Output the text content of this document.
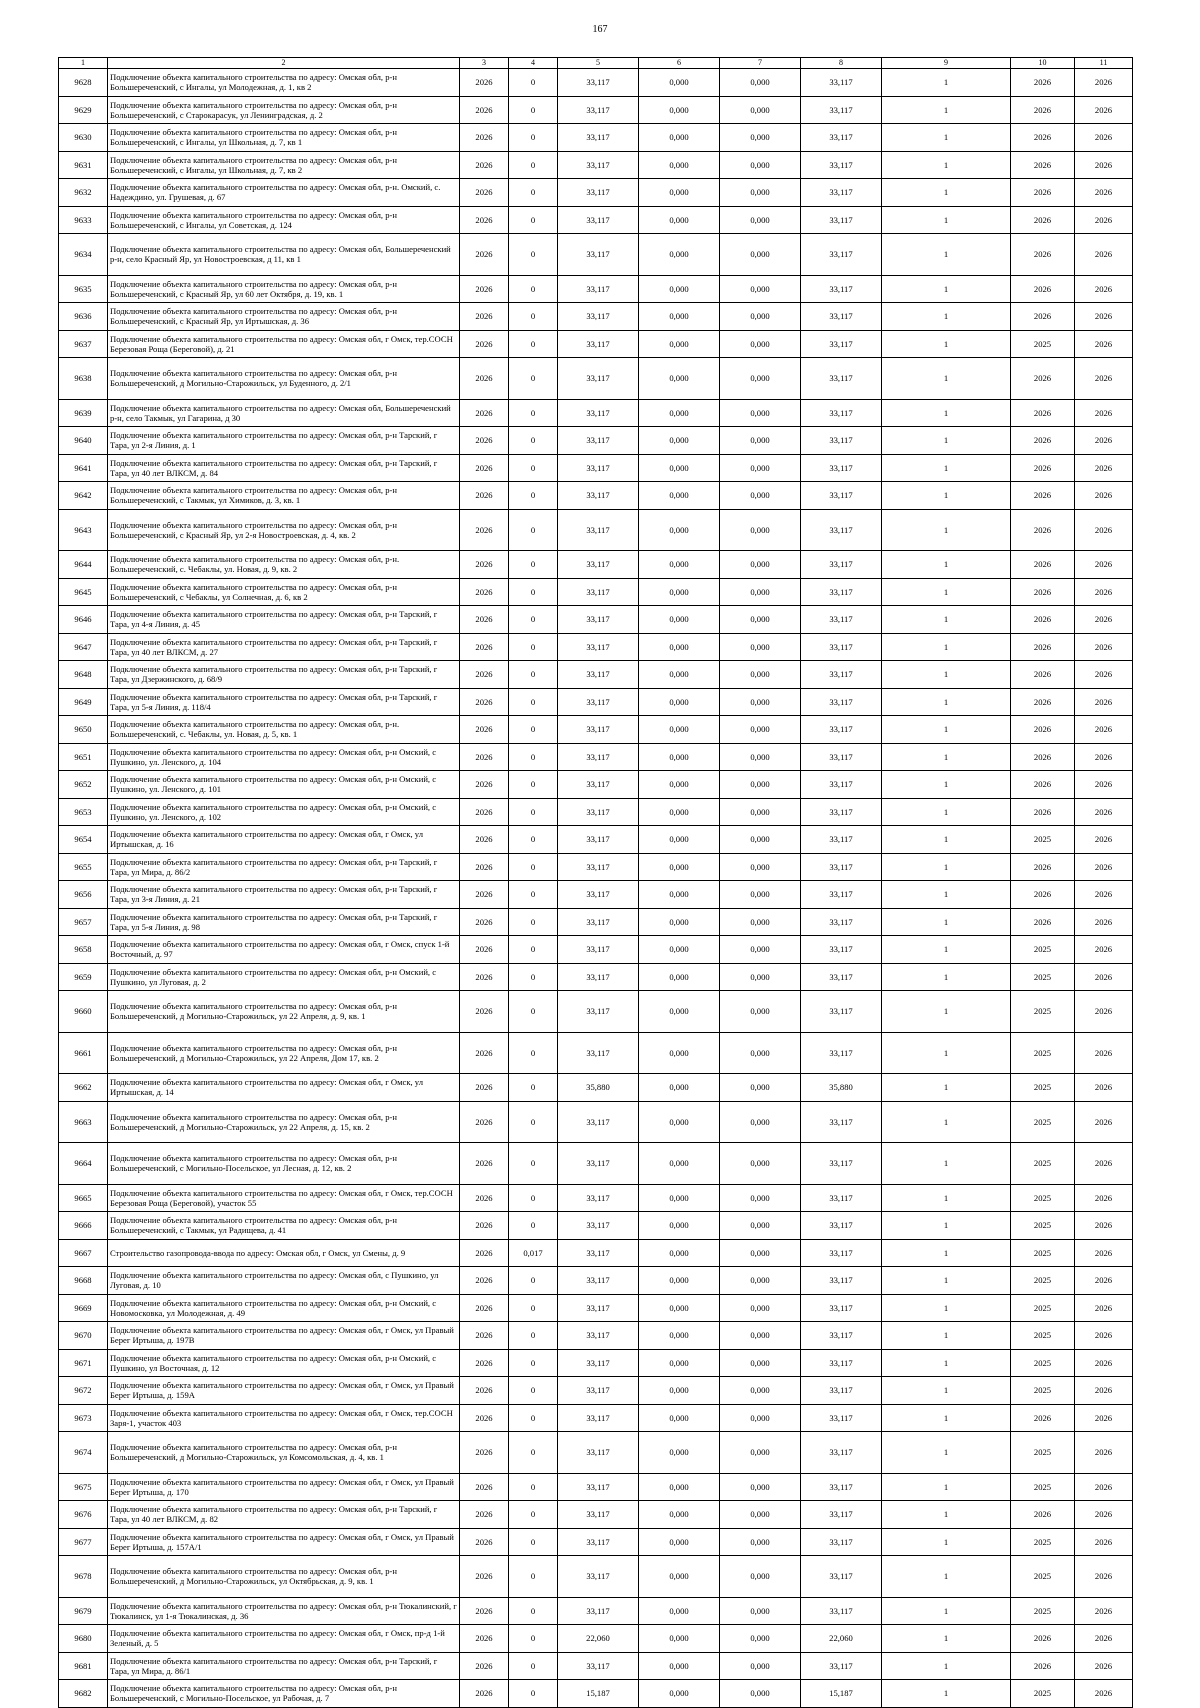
167
1	2	3	4	5	6	7	8	9	10	11
9628	Подключение объекта капитального строительства по адресу: Омская обл, р-н Большереченский, с Ингалы, ул Молодежная, д. 1, кв 2	2026	0	33,117	0,000	0,000	33,117	1	2026	2026
9629	Подключение объекта капитального строительства по адресу: Омская обл, р-н Большереченский, с Старокарасук, ул Ленинградская, д. 2	2026	0	33,117	0,000	0,000	33,117	1	2026	2026
9630	Подключение объекта капитального строительства по адресу: Омская обл, р-н Большереченский, с Ингалы, ул Школьная, д. 7, кв 1	2026	0	33,117	0,000	0,000	33,117	1	2026	2026
9631	Подключение объекта капитального строительства по адресу: Омская обл, р-н Большереченский, с Ингалы, ул Школьная, д. 7, кв 2	2026	0	33,117	0,000	0,000	33,117	1	2026	2026
9632	Подключение объекта капитального строительства по адресу: Омская обл, р-н. Омский, с. Надеждино, ул. Грушевая, д. 67	2026	0	33,117	0,000	0,000	33,117	1	2026	2026
9633	Подключение объекта капитального строительства по адресу: Омская обл, р-н Большереченский, с Ингалы, ул Советская, д. 124	2026	0	33,117	0,000	0,000	33,117	1	2026	2026
9634	Подключение объекта капитального строительства по адресу: Омская обл, Большереченский р-н, село Красный Яр, ул Новостроевская, д 11, кв 1	2026	0	33,117	0,000	0,000	33,117	1	2026	2026
9635	Подключение объекта капитального строительства по адресу: Омская обл, р-н Большереченский, с Красный Яр, ул 60 лет Октября, д. 19, кв. 1	2026	0	33,117	0,000	0,000	33,117	1	2026	2026
9636	Подключение объекта капитального строительства по адресу: Омская обл, р-н Большереченский, с Красный Яр, ул Иртышская, д. 36	2026	0	33,117	0,000	0,000	33,117	1	2026	2026
9637	Подключение объекта капитального строительства по адресу: Омская обл, г Омск, тер.СОСН Березовая Роща (Береговой), д. 21	2026	0	33,117	0,000	0,000	33,117	1	2025	2026
9638	Подключение объекта капитального строительства по адресу: Омская обл, р-н Большереченский, д Могильно-Старожильск, ул Буденного, д. 2/1	2026	0	33,117	0,000	0,000	33,117	1	2026	2026
9639	Подключение объекта капитального строительства по адресу: Омская обл, Большереченский р-н, село Такмык, ул Гагарина, д 30	2026	0	33,117	0,000	0,000	33,117	1	2026	2026
9640	Подключение объекта капитального строительства по адресу: Омская обл, р-н Тарский, г Тара, ул 2-я Линия, д. 1	2026	0	33,117	0,000	0,000	33,117	1	2026	2026
9641	Подключение объекта капитального строительства по адресу: Омская обл, р-н Тарский, г Тара, ул 40 лет ВЛКСМ, д. 84	2026	0	33,117	0,000	0,000	33,117	1	2026	2026
9642	Подключение объекта капитального строительства по адресу: Омская обл, р-н Большереченский, с Такмык, ул Химиков, д. 3, кв. 1	2026	0	33,117	0,000	0,000	33,117	1	2026	2026
9643	Подключение объекта капитального строительства по адресу: Омская обл, р-н Большереченский, с Красный Яр, ул 2-я Новостроевская, д. 4, кв. 2	2026	0	33,117	0,000	0,000	33,117	1	2026	2026
9644	Подключение объекта капитального строительства по адресу: Омская обл, р-н. Большереченский, с. Чебаклы, ул. Новая, д. 9, кв. 2	2026	0	33,117	0,000	0,000	33,117	1	2026	2026
9645	Подключение объекта капитального строительства по адресу: Омская обл, р-н Большереченский, с Чебаклы, ул Солнечная, д. 6, кв 2	2026	0	33,117	0,000	0,000	33,117	1	2026	2026
9646	Подключение объекта капитального строительства по адресу: Омская обл, р-н Тарский, г Тара, ул 4-я Линия, д. 45	2026	0	33,117	0,000	0,000	33,117	1	2026	2026
9647	Подключение объекта капитального строительства по адресу: Омская обл, р-н Тарский, г Тара, ул 40 лет ВЛКСМ, д. 27	2026	0	33,117	0,000	0,000	33,117	1	2026	2026
9648	Подключение объекта капитального строительства по адресу: Омская обл, р-н Тарский, г Тара, ул Дзержинского, д. 68/9	2026	0	33,117	0,000	0,000	33,117	1	2026	2026
9649	Подключение объекта капитального строительства по адресу: Омская обл, р-н Тарский, г Тара, ул 5-я Линия, д. 118/4	2026	0	33,117	0,000	0,000	33,117	1	2026	2026
9650	Подключение объекта капитального строительства по адресу: Омская обл, р-н. Большереченский, с. Чебаклы, ул. Новая, д. 5, кв. 1	2026	0	33,117	0,000	0,000	33,117	1	2026	2026
9651	Подключение объекта капитального строительства по адресу: Омская обл, р-н Омский, с Пушкино, ул. Ленского, д. 104	2026	0	33,117	0,000	0,000	33,117	1	2026	2026
9652	Подключение объекта капитального строительства по адресу: Омская обл, р-н Омский, с Пушкино, ул. Ленского, д. 101	2026	0	33,117	0,000	0,000	33,117	1	2026	2026
9653	Подключение объекта капитального строительства по адресу: Омская обл, р-н Омский, с Пушкино, ул. Ленского, д. 102	2026	0	33,117	0,000	0,000	33,117	1	2026	2026
9654	Подключение объекта капитального строительства по адресу: Омская обл, г Омск, ул Иртышская, д. 16	2026	0	33,117	0,000	0,000	33,117	1	2025	2026
9655	Подключение объекта капитального строительства по адресу: Омская обл, р-н Тарский, г Тара, ул Мира, д. 86/2	2026	0	33,117	0,000	0,000	33,117	1	2026	2026
9656	Подключение объекта капитального строительства по адресу: Омская обл, р-н Тарский, г Тара, ул 3-я Линия, д. 21	2026	0	33,117	0,000	0,000	33,117	1	2026	2026
9657	Подключение объекта капитального строительства по адресу: Омская обл, р-н Тарский, г Тара, ул 5-я Линия, д. 98	2026	0	33,117	0,000	0,000	33,117	1	2026	2026
9658	Подключение объекта капитального строительства по адресу: Омская обл, г Омск, спуск 1-й Восточный, д. 97	2026	0	33,117	0,000	0,000	33,117	1	2025	2026
9659	Подключение объекта капитального строительства по адресу: Омская обл, р-н Омский, с Пушкино, ул Луговая, д. 2	2026	0	33,117	0,000	0,000	33,117	1	2025	2026
9660	Подключение объекта капитального строительства по адресу: Омская обл, р-н Большереченский, д Могильно-Старожильск, ул 22 Апреля, д. 9, кв. 1	2026	0	33,117	0,000	0,000	33,117	1	2025	2026
9661	Подключение объекта капитального строительства по адресу: Омская обл, р-н Большереченский, д Могильно-Старожильск, ул 22 Апреля, Дом 17, кв. 2	2026	0	33,117	0,000	0,000	33,117	1	2025	2026
9662	Подключение объекта капитального строительства по адресу: Омская обл, г Омск, ул Иртышская, д. 14	2026	0	35,880	0,000	0,000	35,880	1	2025	2026
9663	Подключение объекта капитального строительства по адресу: Омская обл, р-н Большереченский, д Могильно-Старожильск, ул 22 Апреля, д. 15, кв. 2	2026	0	33,117	0,000	0,000	33,117	1	2025	2026
9664	Подключение объекта капитального строительства по адресу: Омская обл, р-н Большереченский, с Могильно-Посельское, ул Лесная, д. 12, кв. 2	2026	0	33,117	0,000	0,000	33,117	1	2025	2026
9665	Подключение объекта капитального строительства по адресу: Омская обл, г Омск, тер.СОСН Березовая Роща (Береговой), участок 55	2026	0	33,117	0,000	0,000	33,117	1	2025	2026
9666	Подключение объекта капитального строительства по адресу: Омская обл, р-н Большереченский, с Такмык, ул Радищева, д. 41	2026	0	33,117	0,000	0,000	33,117	1	2025	2026
9667	Строительство газопровода-ввода по адресу: Омская обл, г Омск, ул Смены, д. 9	2026	0,017	33,117	0,000	0,000	33,117	1	2025	2026
9668	Подключение объекта капитального строительства по адресу: Омская обл, с Пушкино, ул Луговая, д. 10	2026	0	33,117	0,000	0,000	33,117	1	2025	2026
9669	Подключение объекта капитального строительства по адресу: Омская обл, р-н Омский, с Новомосковка, ул Молодежная, д. 49	2026	0	33,117	0,000	0,000	33,117	1	2025	2026
9670	Подключение объекта капитального строительства по адресу: Омская обл, г Омск, ул Правый Берег Иртыша, д. 197В	2026	0	33,117	0,000	0,000	33,117	1	2025	2026
9671	Подключение объекта капитального строительства по адресу: Омская обл, р-н Омский, с Пушкино, ул Восточная, д. 12	2026	0	33,117	0,000	0,000	33,117	1	2025	2026
9672	Подключение объекта капитального строительства по адресу: Омская обл, г Омск, ул Правый Берег Иртыша, д. 159А	2026	0	33,117	0,000	0,000	33,117	1	2025	2026
9673	Подключение объекта капитального строительства по адресу: Омская обл, г Омск, тер.СОСН Заря-1, участок 403	2026	0	33,117	0,000	0,000	33,117	1	2026	2026
9674	Подключение объекта капитального строительства по адресу: Омская обл, р-н Большереченский, д Могильно-Старожильск, ул Комсомольская, д. 4, кв. 1	2026	0	33,117	0,000	0,000	33,117	1	2025	2026
9675	Подключение объекта капитального строительства по адресу: Омская обл, г Омск, ул Правый Берег Иртыша, д. 170	2026	0	33,117	0,000	0,000	33,117	1	2025	2026
9676	Подключение объекта капитального строительства по адресу: Омская обл, р-н Тарский, г Тара, ул 40 лет ВЛКСМ, д. 82	2026	0	33,117	0,000	0,000	33,117	1	2026	2026
9677	Подключение объекта капитального строительства по адресу: Омская обл, г Омск, ул Правый Берег Иртыша, д. 157А/1	2026	0	33,117	0,000	0,000	33,117	1	2025	2026
9678	Подключение объекта капитального строительства по адресу: Омская обл, р-н Большереченский, д Могильно-Старожильск, ул Октябрьская, д. 9, кв. 1	2026	0	33,117	0,000	0,000	33,117	1	2025	2026
9679	Подключение объекта капитального строительства по адресу: Омская обл, р-н Тюкалинский, г Тюкалинск, ул 1-я Тюкалинская, д. 36	2026	0	33,117	0,000	0,000	33,117	1	2025	2026
9680	Подключение объекта капитального строительства по адресу: Омская обл, г Омск, пр-д 1-й Зеленый, д. 5	2026	0	22,060	0,000	0,000	22,060	1	2026	2026
9681	Подключение объекта капитального строительства по адресу: Омская обл, р-н Тарский, г Тара, ул Мира, д. 86/1	2026	0	33,117	0,000	0,000	33,117	1	2026	2026
9682	Подключение объекта капитального строительства по адресу: Омская обл, р-н Большереченский, с Могильно-Посельское, ул Рабочая, д. 7	2026	0	15,187	0,000	0,000	15,187	1	2025	2026
